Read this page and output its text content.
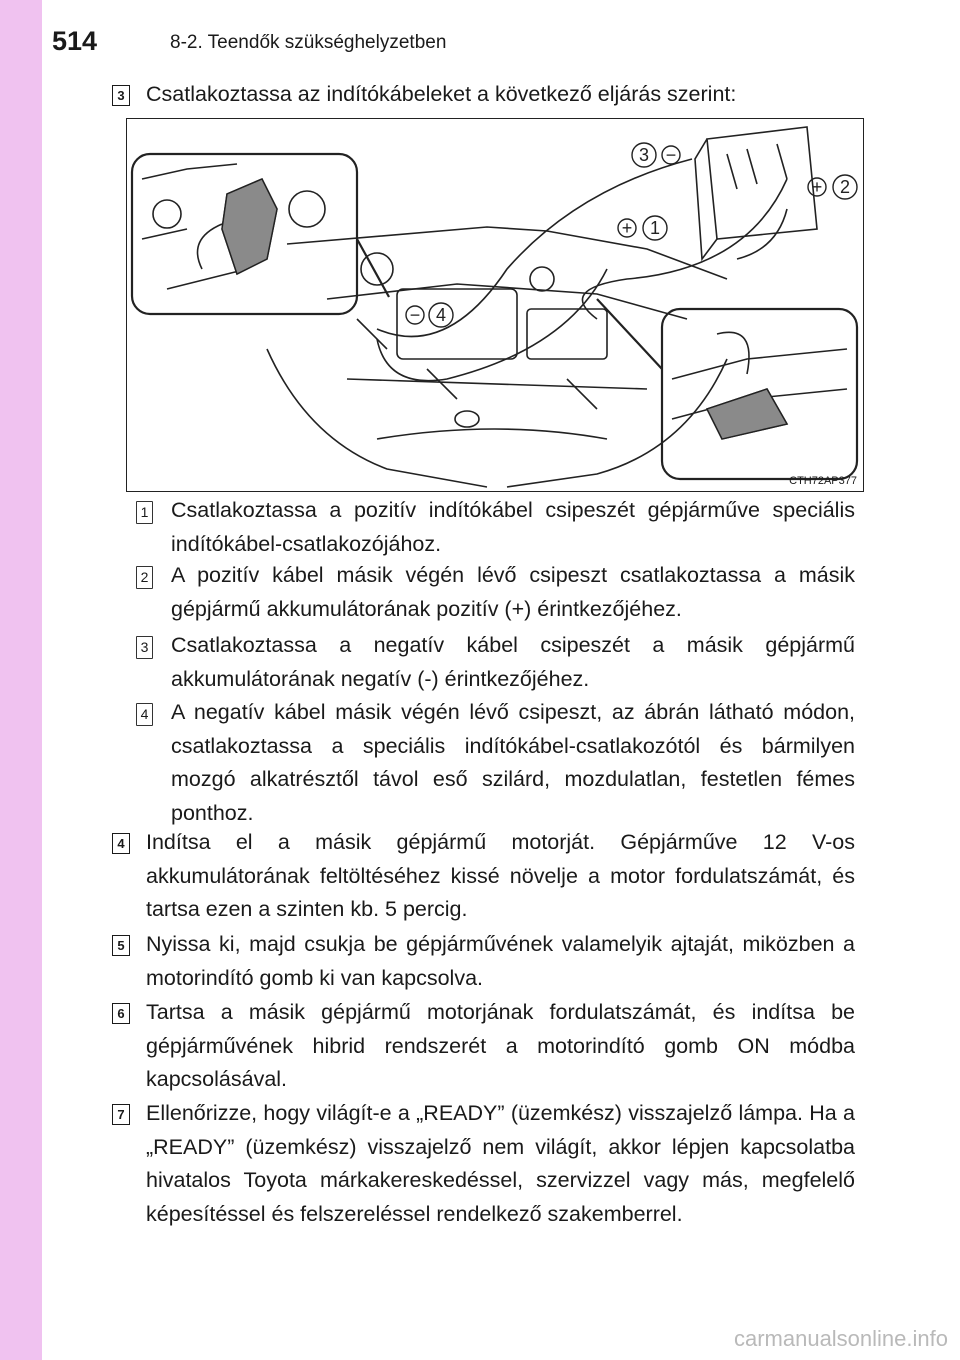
514	8-2. Teendők szükséghelyzetben
3 Csatlakoztassa az indítókábeleket a következő eljárás szerint:
3 −
+ 2
+ 1
− 4
CTH72AP377
1 Csatlakoztassa a pozitív indítókábel csipeszét gépjárműve speciális indítókábel-csatlakozójához.
2 A pozitív kábel másik végén lévő csipeszt csatlakoztassa a másik gépjármű akkumulátorának pozitív (+) érintkezőjéhez.
3 Csatlakoztassa a negatív kábel csipeszét a másik gépjármű akkumulátorának negatív (-) érintkezőjéhez.
4 A negatív kábel másik végén lévő csipeszt, az ábrán látható módon, csatlakoztassa a speciális indítókábel-csatlakozótól és bármilyen mozgó alkatrésztől távol eső szilárd, mozdulatlan, festetlen fémes ponthoz.
4 Indítsa el a másik gépjármű motorját. Gépjárműve 12 V-os akkumulátorának feltöltéséhez kissé növelje a motor fordulatszámát, és tartsa ezen a szinten kb. 5 percig.
5 Nyissa ki, majd csukja be gépjárművének valamelyik ajtaját, miközben a motorindító gomb ki van kapcsolva.
6 Tartsa a másik gépjármű motorjának fordulatszámát, és indítsa be gépjárművének hibrid rendszerét a motorindító gomb ON módba kapcsolásával.
7 Ellenőrizze, hogy világít-e a „READY” (üzemkész) visszajelző lámpa. Ha a „READY” (üzemkész) visszajelző nem világít, akkor lépjen kapcsolatba hivatalos Toyota márkakereskedéssel, szervizzel vagy más, megfelelő képesítéssel és felszereléssel rendelkező szakemberrel.
carmanualsonline.info
